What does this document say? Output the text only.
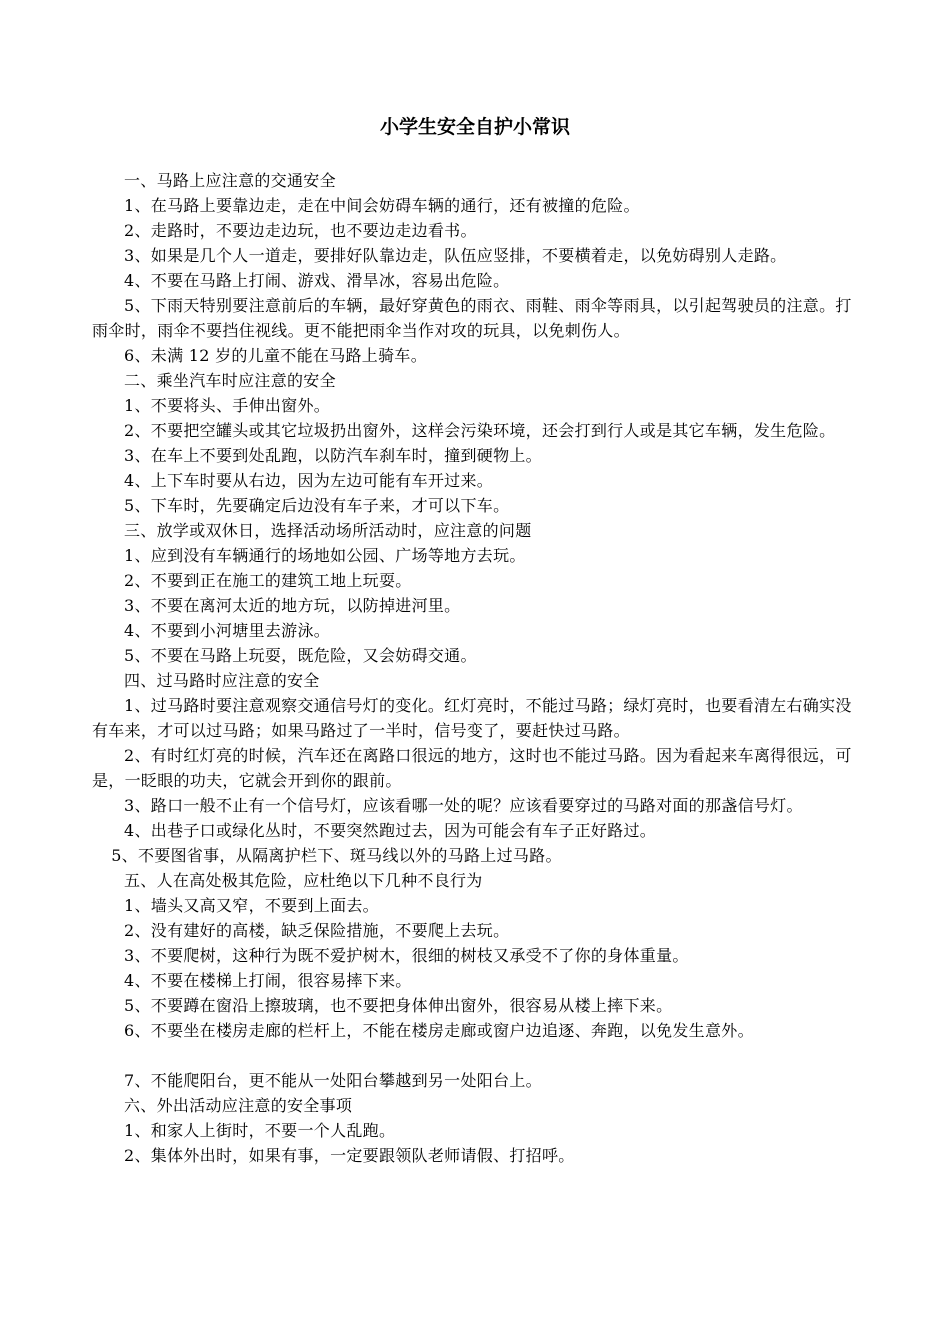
小学生安全自护小常识

一、马路上应注意的交通安全

1、在马路上要靠边走，走在中间会妨碍车辆的通行，还有被撞的危险。

2、走路时，不要边走边玩，也不要边走边看书。

3、如果是几个人一道走，要排好队靠边走，队伍应竖排，不要横着走，以免妨碍别人走路。

4、不要在马路上打闹、游戏、滑旱冰，容易出危险。

5、下雨天特别要注意前后的车辆，最好穿黄色的雨衣、雨鞋、雨伞等雨具，以引起驾驶员的注意。打雨伞时，雨伞不要挡住视线。更不能把雨伞当作对攻的玩具，以免刺伤人。

6、未满 12 岁的儿童不能在马路上骑车。

二、乘坐汽车时应注意的安全

1、不要将头、手伸出窗外。

2、不要把空罐头或其它垃圾扔出窗外，这样会污染环境，还会打到行人或是其它车辆，发生危险。

3、在车上不要到处乱跑，以防汽车刹车时，撞到硬物上。

4、上下车时要从右边，因为左边可能有车开过来。

5、下车时，先要确定后边没有车子来，才可以下车。

三、放学或双休日，选择活动场所活动时，应注意的问题

1、应到没有车辆通行的场地如公园、广场等地方去玩。

2、不要到正在施工的建筑工地上玩耍。

3、不要在离河太近的地方玩，以防掉进河里。

4、不要到小河塘里去游泳。

5、不要在马路上玩耍，既危险，又会妨碍交通。

四、过马路时应注意的安全

1、过马路时要注意观察交通信号灯的变化。红灯亮时，不能过马路；绿灯亮时，也要看清左右确实没有车来，才可以过马路；如果马路过了一半时，信号变了，要赶快过马路。

2、有时红灯亮的时候，汽车还在离路口很远的地方，这时也不能过马路。因为看起来车离得很远，可是，一眨眼的功夫，它就会开到你的跟前。

3、路口一般不止有一个信号灯，应该看哪一处的呢？应该看要穿过的马路对面的那盏信号灯。

4、出巷子口或绿化丛时，不要突然跑过去，因为可能会有车子正好路过。

5、不要图省事，从隔离护栏下、斑马线以外的马路上过马路。

五、人在高处极其危险，应杜绝以下几种不良行为

1、墙头又高又窄，不要到上面去。

2、没有建好的高楼，缺乏保险措施，不要爬上去玩。

3、不要爬树，这种行为既不爱护树木，很细的树枝又承受不了你的身体重量。

4、不要在楼梯上打闹，很容易摔下来。

5、不要蹲在窗沿上擦玻璃，也不要把身体伸出窗外，很容易从楼上摔下来。

6、不要坐在楼房走廊的栏杆上，不能在楼房走廊或窗户边追逐、奔跑，以免发生意外。

7、不能爬阳台，更不能从一处阳台攀越到另一处阳台上。

六、外出活动应注意的安全事项

1、和家人上街时，不要一个人乱跑。

2、集体外出时，如果有事，一定要跟领队老师请假、打招呼。
